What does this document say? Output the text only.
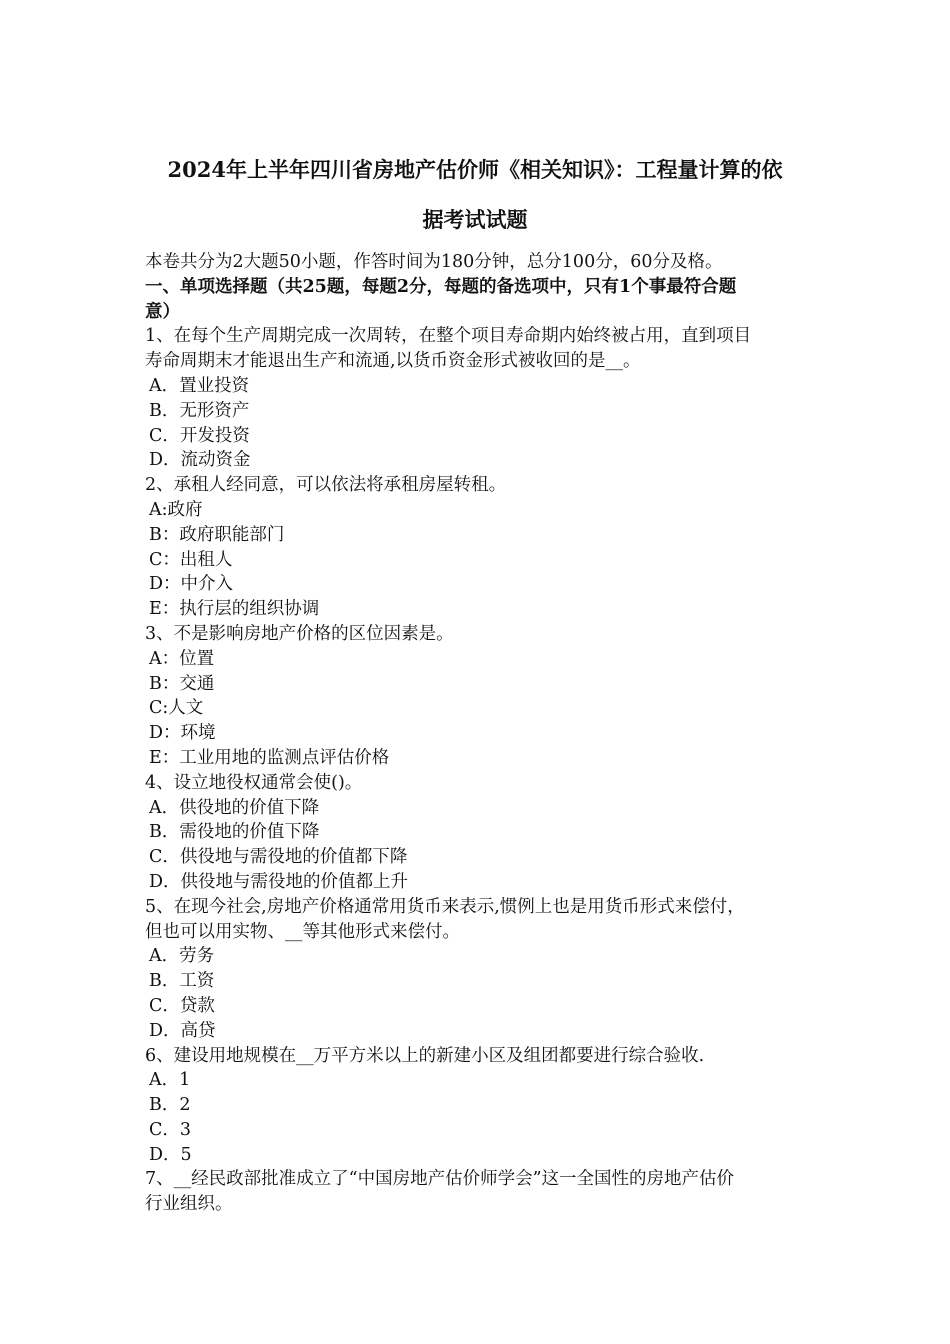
2024年上半年四川省房地产估价师《相关知识》：工程量计算的依
据考试试题
本卷共分为2大题50小题，作答时间为180分钟，总分100分，60分及格。
一、单项选择题（共25题，每题2分，每题的备选项中，只有1个事最符合题
意）
1、在每个生产周期完成一次周转，在整个项目寿命期内始终被占用，直到项目
寿命周期末才能退出生产和流通,以货币资金形式被收回的是__。
A．置业投资
B．无形资产
C．开发投资
D．流动资金
2、承租人经同意，可以依法将承租房屋转租。
A:政府
B：政府职能部门
C：出租人
D：中介入
E：执行层的组织协调
3、不是影响房地产价格的区位因素是。
A：位置
B：交通
C:人文
D：环境
E：工业用地的监测点评估价格
4、设立地役权通常会使()。
A．供役地的价值下降
B．需役地的价值下降
C．供役地与需役地的价值都下降
D．供役地与需役地的价值都上升
5、在现今社会,房地产价格通常用货币来表示,惯例上也是用货币形式来偿付，
但也可以用实物、__等其他形式来偿付。
A．劳务
B．工资
C．贷款
D．高贷
6、建设用地规模在__万平方米以上的新建小区及组团都要进行综合验收.
A．1
B．2
C．3
D．5
7、__经民政部批准成立了“中国房地产估价师学会”这一全国性的房地产估价
行业组织。
